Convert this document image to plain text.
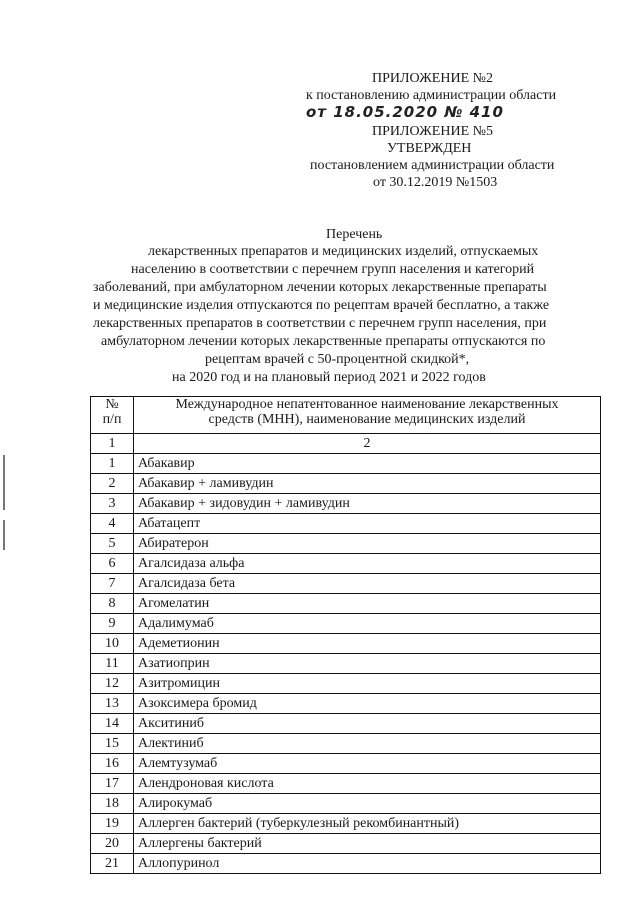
ПРИЛОЖЕНИЕ №2
к постановлению администрации области
от 18.05.2020 № 410
ПРИЛОЖЕНИЕ №5
УТВЕРЖДЕН
постановлением администрации области
от 30.12.2019 №1503
Перечень
лекарственных препаратов и медицинских изделий, отпускаемых
населению в соответствии с перечнем групп населения и категорий
заболеваний, при амбулаторном лечении которых лекарственные препараты
и медицинские изделия отпускаются по рецептам врачей бесплатно, а также
лекарственных препаратов в соответствии с перечнем групп населения, при
амбулаторном лечении которых лекарственные препараты отпускаются по
рецептам врачей с 50-процентной скидкой*,
на 2020 год и на плановый период 2021 и 2022 годов
№
п/п	Международное непатентованное наименование лекарственных
средств (МНН), наименование медицинских изделий
1	2
1	Абакавир
2	Абакавир + ламивудин
3	Абакавир + зидовудин + ламивудин
4	Абатацепт
5	Абиратерон
6	Агалсидаза альфа
7	Агалсидаза бета
8	Агомелатин
9	Адалимумаб
10	Адеметионин
11	Азатиоприн
12	Азитромицин
13	Азоксимера бромид
14	Акситиниб
15	Алектиниб
16	Алемтузумаб
17	Алендроновая кислота
18	Алирокумаб
19	Аллерген бактерий (туберкулезный рекомбинантный)
20	Аллергены бактерий
21	Аллопуринол
